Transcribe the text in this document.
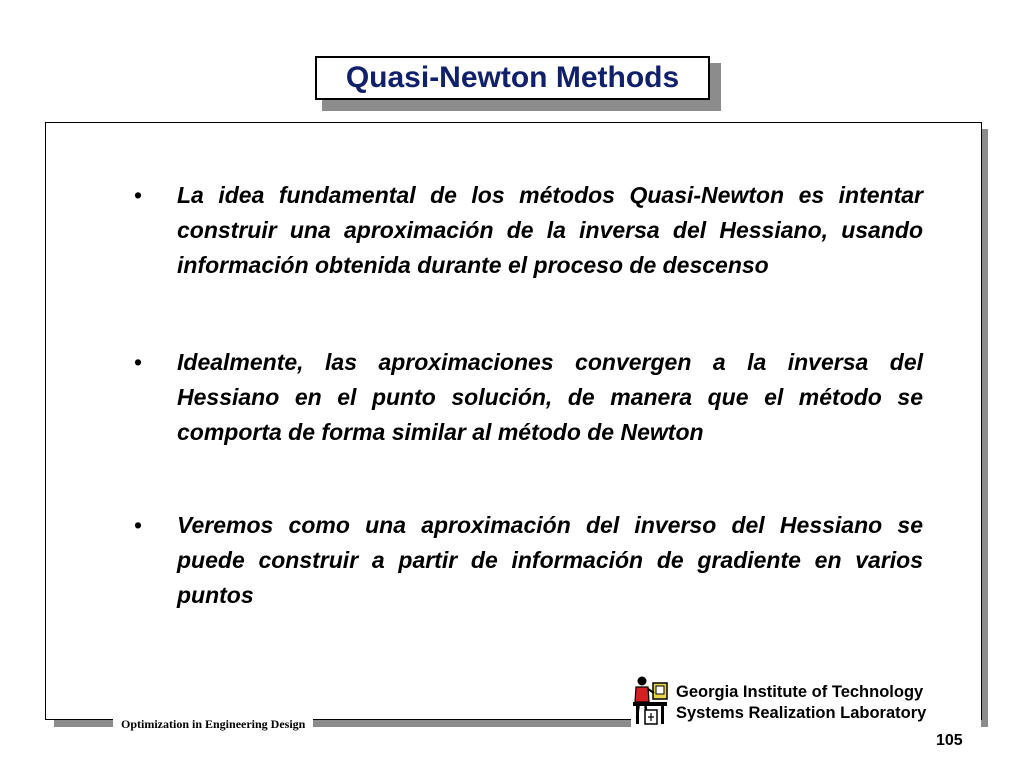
Quasi-Newton Methods
• La idea fundamental de los métodos Quasi-Newton es intentar construir una aproximación de la inversa del Hessiano, usando información obtenida durante el proceso de descenso
• Idealmente, las aproximaciones convergen a la inversa del Hessiano en el punto solución, de manera que el método se comporta de forma similar al método de Newton
• Veremos como una aproximación del inverso del Hessiano se puede construir a partir de información de gradiente en varios puntos
Optimization in Engineering Design
Georgia Institute of Technology
Systems Realization Laboratory
105
